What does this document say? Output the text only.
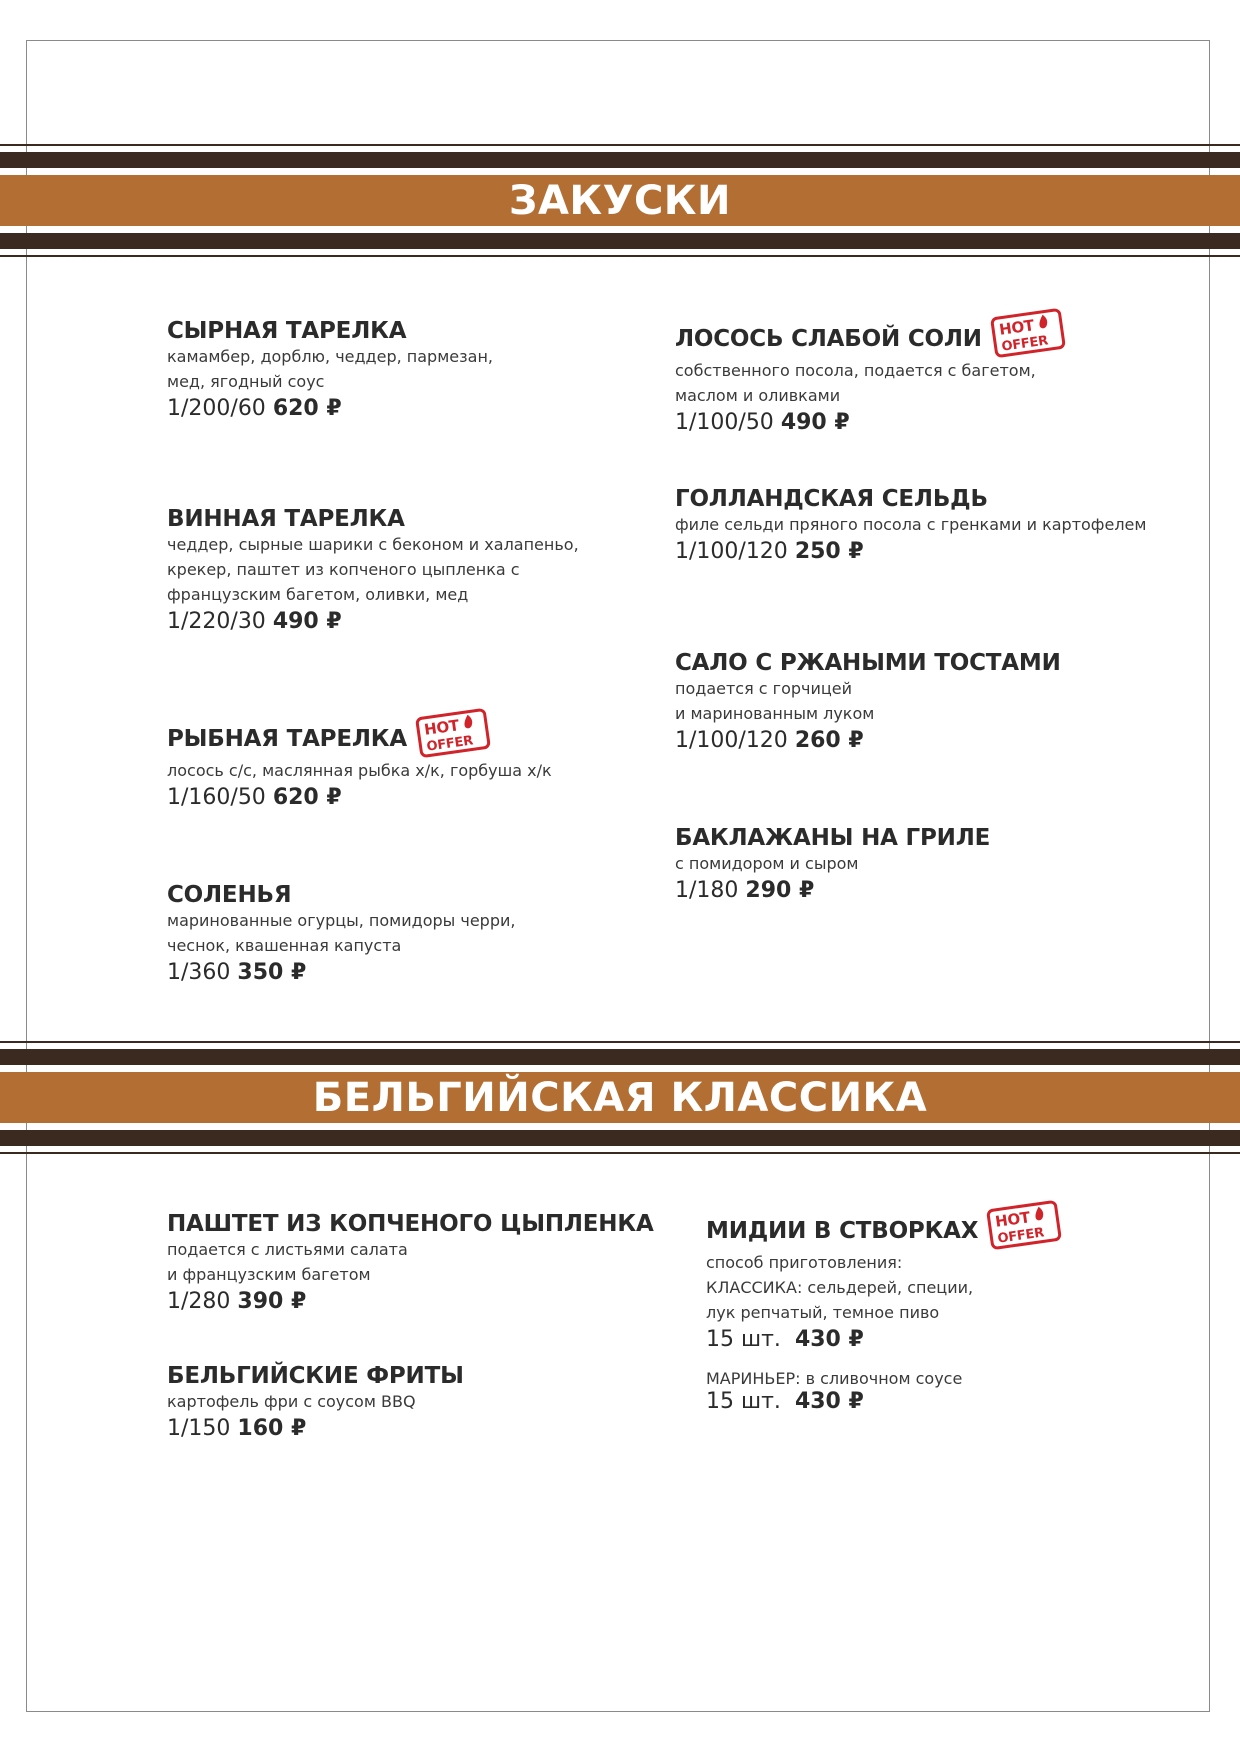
ЗАКУСКИ
СЫРНАЯ ТАРЕЛКА
камамбер, дорблю, чеддер, пармезан,
мед, ягодный соус
1/200/60 620 ₽
ВИННАЯ ТАРЕЛКА
чеддер, сырные шарики с беконом и халапеньо,
крекер, паштет из копченого цыпленка с
французским багетом, оливки, мед
1/220/30 490 ₽
РЫБНАЯ ТАРЕЛКА HOT
OFFER
лосось с/с, маслянная рыбка х/к, горбуша х/к
1/160/50 620 ₽
СОЛЕНЬЯ
маринованные огурцы, помидоры черри,
чеснок, квашенная капуста
1/360 350 ₽
ЛОСОСЬ СЛАБОЙ СОЛИ HOT
OFFER
собственного посола, подается с багетом,
маслом и оливками
1/100/50 490 ₽
ГОЛЛАНДСКАЯ СЕЛЬДЬ
филе сельди пряного посола с гренками и картофелем
1/100/120 250 ₽
САЛО С РЖАНЫМИ ТОСТАМИ
подается с горчицей
и маринованным луком
1/100/120 260 ₽
БАКЛАЖАНЫ НА ГРИЛЕ
с помидором и сыром
1/180 290 ₽
БЕЛЬГИЙСКАЯ КЛАССИКА
ПАШТЕТ ИЗ КОПЧЕНОГО ЦЫПЛЕНКА
подается с листьями салата
и французским багетом
1/280 390 ₽
БЕЛЬГИЙСКИЕ ФРИТЫ
картофель фри с соусом BBQ
1/150 160 ₽
МИДИИ В СТВОРКАХ HOT
OFFER
способ приготовления:
КЛАССИКА: сельдерей, специи,
лук репчатый, темное пиво
15 шт. 430 ₽
МАРИНЬЕР: в сливочном соусе
15 шт. 430 ₽
